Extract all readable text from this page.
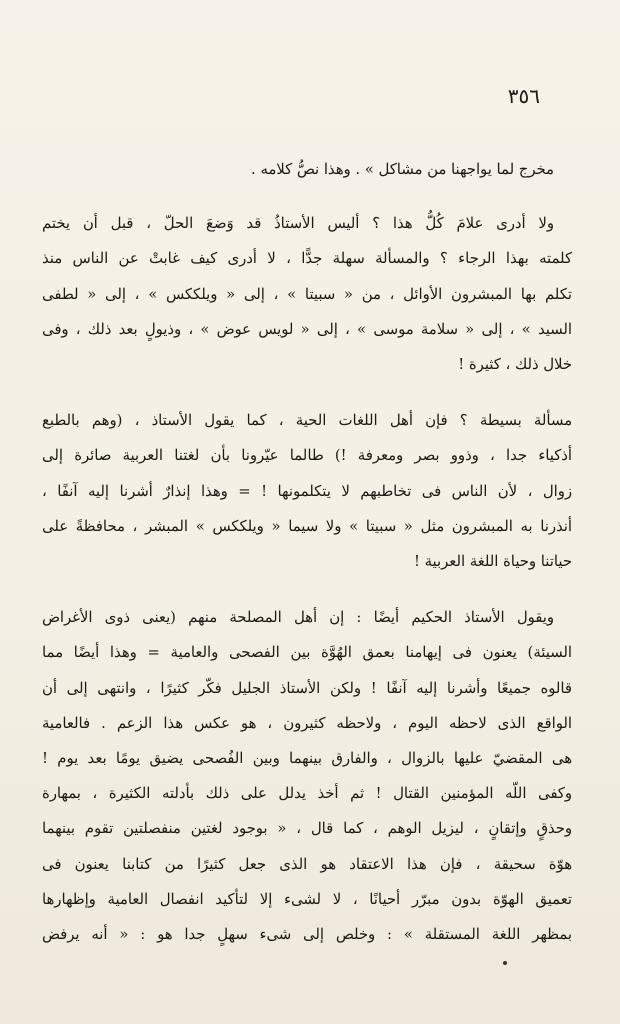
٣٥٦

مخرج لما يواجهنا من مشاكل » . وهذا نصُّ كلامه .

ولا أدرى علامَ كُلُّ هذا ؟ أليس الأستاذُ قد وَضعَ الحلّ ، قبل أن يختم
كلمته بهذا الرجاء ؟ والمسألة سهلة جدًّا ، لا أدرى كيف غابتْ عن الناس منذ
تكلم بها المبشرون الأوائل ، من « سبيتا » ، إلى « ويلككس » ، إلى « لطفى
السيد » ، إلى « سلامة موسى » ، إلى « لويس عوض » ، وذيولٍ بعد ذلك ، وفى
خلال ذلك ، كثيرة !

مسألة بسيطة ؟ فإن أهل اللغات الحية ، كما يقول الأستاذ ، (وهم بالطبع
أذكياء جدا ، وذوو بصر ومعرفة !) طالما عيّرونا بأن لغتنا العربية صائرة إلى
زوال ، لأن الناس فى تخاطبهم لا يتكلمونها ! = وهذا إنذارٌ أشرنا إليه آنفًا ،
أنذرنا به المبشرون مثل « سبيتا » ولا سيما « ويلككس » المبشر ، محافظةً على
حياتنا وحياة اللغة العربية !

ويقول الأستاذ الحكيم أيضًا : إن أهل المصلحة منهم (يعنى ذوى الأغراض
السيئة) يعنون فى إيهامنا بعمق الهُوَّة بين الفصحى والعامية = وهذا أيضًا مما
قالوه جميعًا وأشرنا إليه آنفًا ! ولكن الأستاذ الجليل فكّر كثيرًا ، وانتهى إلى أن
الواقع الذى لاحظه اليوم ، ولاحظه كثيرون ، هو عكس هذا الزعم . فالعامية
هى المقضيّ عليها بالزوال ، والفارق بينهما وبين الفُصحى يضيق يومًا بعد يوم !
وكفى اللّه المؤمنين القتال ! ثم أخذ يدلل على ذلك بأدلته الكثيرة ، بمهارة
وحذقٍ وإتقانٍ ، ليزيل الوهم ، كما قال ، « بوجود لغتين منفصلتين تقوم بينهما
هوّة سحيقة ، فإن هذا الاعتقاد هو الذى جعل كثيرًا من كتابنا يعنون فى
تعميق الهوّة بدون مبرّر أحيانًا ، لا لشىء إلا لتأكيد انفصال العامية وإظهارها
بمظهر اللغة المستقلة » : وخلص إلى شىء سهلٍ جدا هو : « أنه يرفض
